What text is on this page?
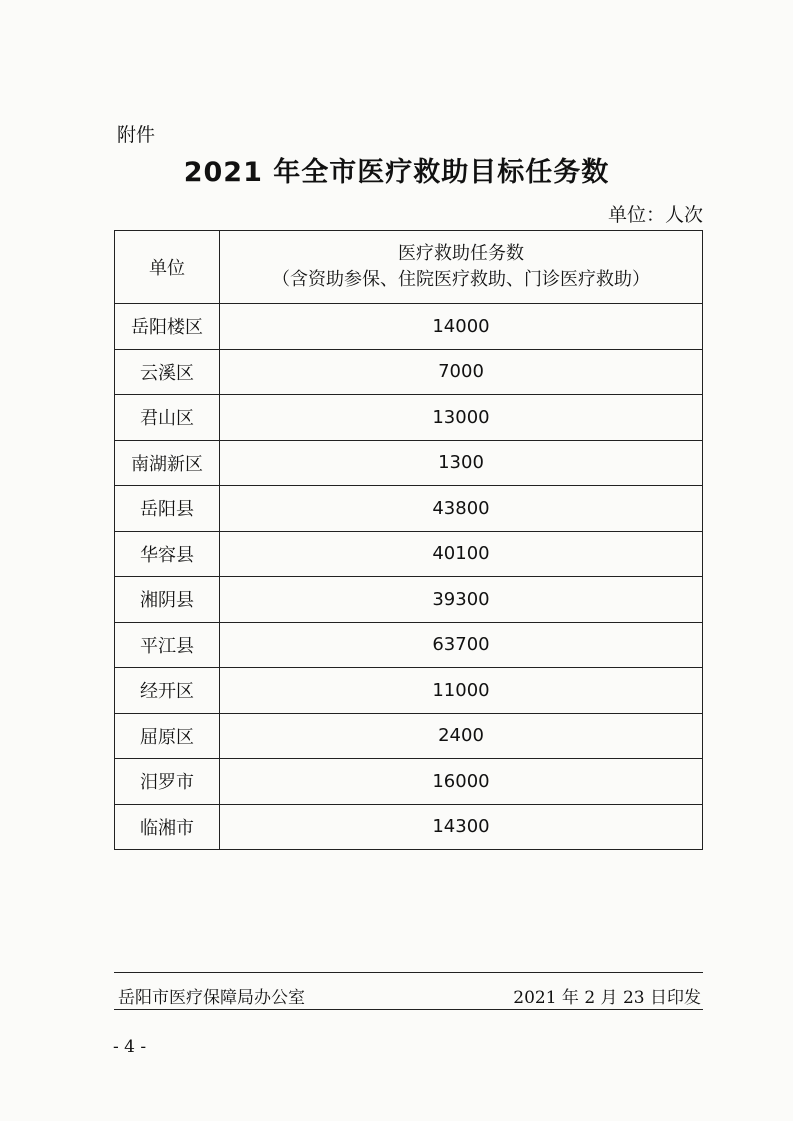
附件
2021 年全市医疗救助目标任务数
单位：人次
单位	医疗救助任务数
（含资助参保、住院医疗救助、门诊医疗救助）

岳阳楼区	14000
云溪区	7000
君山区	13000
南湖新区	1300
岳阳县	43800
华容县	40100
湘阴县	39300
平江县	63700
经开区	11000
屈原区	2400
汨罗市	16000
临湘市	14300
岳阳市医疗保障局办公室	2021 年 2 月 23 日印发
- 4 -
